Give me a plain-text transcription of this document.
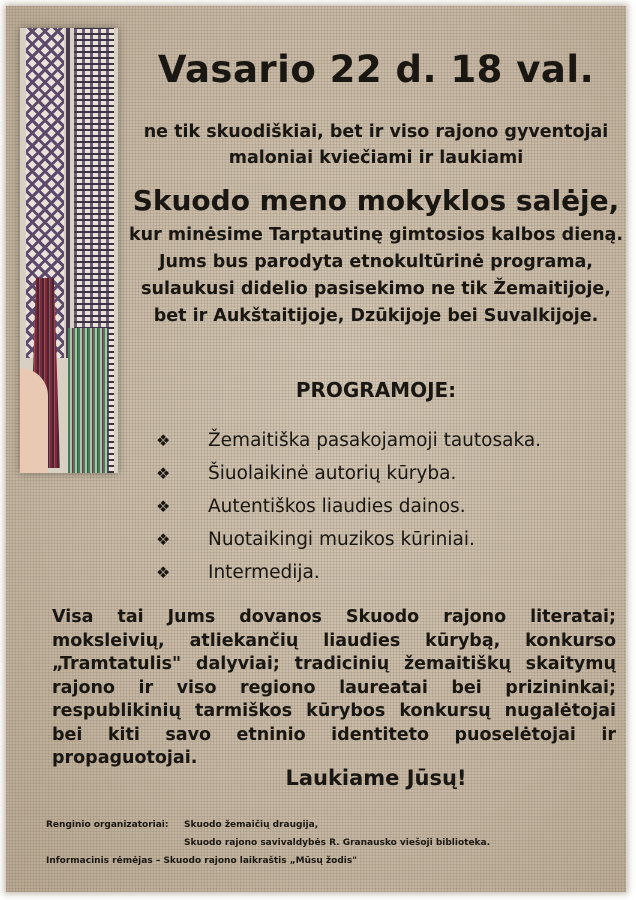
Vasario 22 d. 18 val.

ne tik skuodiškiai, bet ir viso rajono gyventojai

maloniai kviečiami ir laukiami

Skuodo meno mokyklos salėje,

kur minėsime Tarptautinę gimtosios kalbos dieną.

Jums bus parodyta etnokultūrinė programa,

sulaukusi didelio pasisekimo ne tik Žemaitijoje,

bet ir Aukštaitijoje, Dzūkijoje bei Suvalkijoje.

PROGRAMOJE:

❖	Žemaitiška pasakojamoji tautosaka.
❖	Šiuolaikinė autorių kūryba.
❖	Autentiškos liaudies dainos.
❖	Nuotaikingi muzikos kūriniai.
❖	Intermedija.

Visa tai Jums dovanos Skuodo rajono literatai; moksleivių, atliekančių liaudies kūrybą, konkurso „Tramtatulis" dalyviai; tradicinių žemaitiškų skaitymų rajono ir viso regiono laureatai bei prizininkai; respublikinių tarmiškos kūrybos konkursų nugalėtojai bei kiti savo etninio identiteto puoselėtojai ir propaguotojai.

Laukiame Jūsų!

Renginio organizatoriai: Skuodo žemaičių draugija,

Skuodo rajono savivaldybės R. Granausko viešoji biblioteka.

Informacinis rėmėjas – Skuodo rajono laikraštis „Mūsų žodis"
